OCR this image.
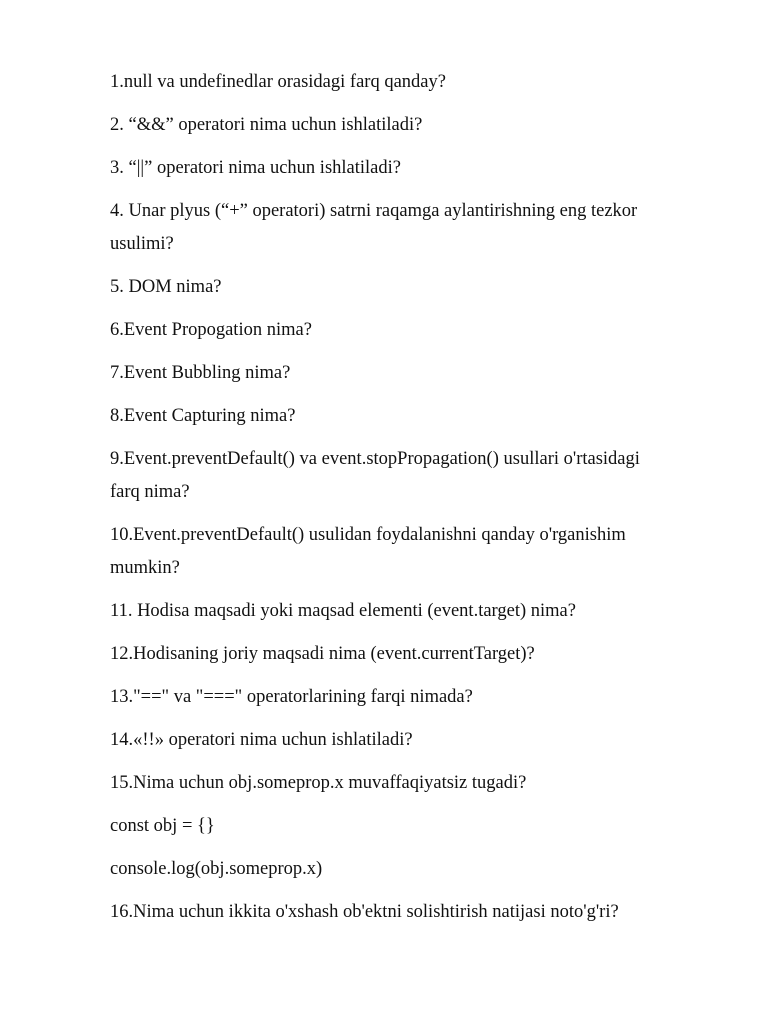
1.null va undefinedlar orasidagi farq qanday?
2. “&&” operatori nima uchun ishlatiladi?
3. “||” operatori nima uchun ishlatiladi?
4. Unar plyus (“+” operatori) satrni raqamga aylantirishning eng tezkor
usulimi?
5. DOM nima?
6.Event Propogation nima?
7.Event Bubbling nima?
8.Event Capturing nima?
9.Event.preventDefault() va event.stopPropagation() usullari o'rtasidagi
farq nima?
10.Event.preventDefault() usulidan foydalanishni qanday o'rganishim
mumkin?
11. Hodisa maqsadi yoki maqsad elementi (event.target) nima?
12.Hodisaning joriy maqsadi nima (event.currentTarget)?
13."==" va "===" operatorlarining farqi nimada?
14.«!!» operatori nima uchun ishlatiladi?
15.Nima uchun obj.someprop.x muvaffaqiyatsiz tugadi?
const obj = {}
console.log(obj.someprop.x)
16.Nima uchun ikkita o'xshash ob'ektni solishtirish natijasi noto'g'ri?
